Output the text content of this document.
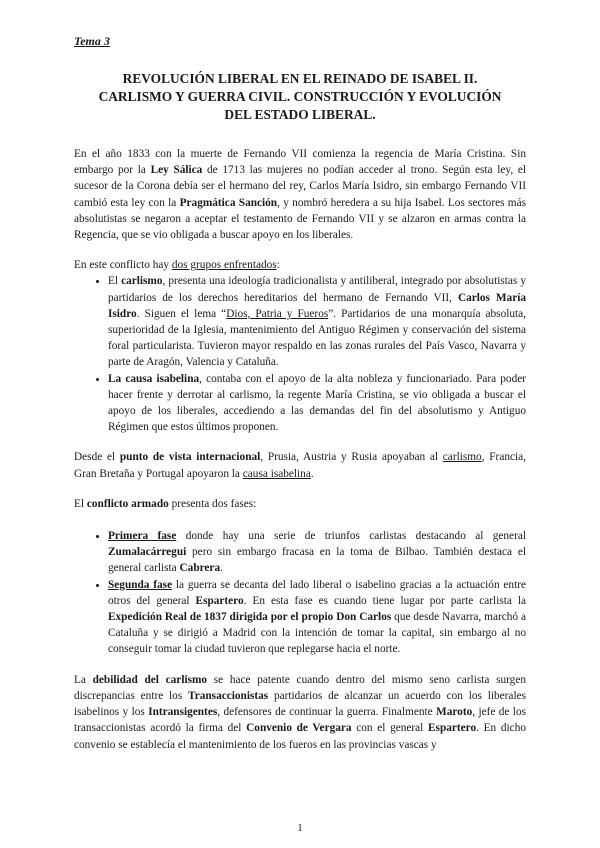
Tema 3
REVOLUCIÓN LIBERAL EN EL REINADO DE ISABEL II.
CARLISMO Y GUERRA CIVIL. CONSTRUCCIÓN Y EVOLUCIÓN
DEL ESTADO LIBERAL.

En el año 1833 con la muerte de Fernando VII comienza la regencia de María Cristina. Sin embargo por la Ley Sálica de 1713 las mujeres no podían acceder al trono. Según esta ley, el sucesor de la Corona debía ser el hermano del rey, Carlos María Isidro, sin embargo Fernando VII cambió esta ley con la Pragmática Sanción, y nombró heredera a su hija Isabel. Los sectores más absolutistas se negaron a aceptar el testamento de Fernando VII y se alzaron en armas contra la Regencia, que se vio obligada a buscar apoyo en los liberales.

En este conflicto hay dos grupos enfrentados:

• El carlismo, presenta una ideología tradicionalista y antiliberal, integrado por absolutistas y partidarios de los derechos hereditarios del hermano de Fernando VII, Carlos María Isidro. Siguen el lema “Dios, Patria y Fueros”. Partidarios de una monarquía absoluta, superioridad de la Iglesia, mantenimiento del Antiguo Régimen y conservación del sistema foral particularista. Tuvieron mayor respaldo en las zonas rurales del País Vasco, Navarra y parte de Aragón, Valencia y Cataluña.
• La causa isabelina, contaba con el apoyo de la alta nobleza y funcionariado. Para poder hacer frente y derrotar al carlismo, la regente María Cristina, se vio obligada a buscar el apoyo de los liberales, accediendo a las demandas del fin del absolutismo y Antiguo Régimen que estos últimos proponen.

Desde el punto de vista internacional, Prusia, Austria y Rusia apoyaban al carlismo, Francia, Gran Bretaña y Portugal apoyaron la causa isabelina.

El conflicto armado presenta dos fases:

• Primera fase donde hay una serie de triunfos carlistas destacando al general Zumalacárregui pero sin embargo fracasa en la toma de Bilbao. También destaca el general carlista Cabrera.
• Segunda fase la guerra se decanta del lado liberal o isabelino gracias a la actuación entre otros del general Espartero. En esta fase es cuando tiene lugar por parte carlista la Expedición Real de 1837 dirigida por el propio Don Carlos que desde Navarra, marchó a Cataluña y se dirigió a Madrid con la intención de tomar la capital, sin embargo al no conseguir tomar la ciudad tuvieron que replegarse hacia el norte.

La debilidad del carlismo se hace patente cuando dentro del mismo seno carlista surgen discrepancias entre los Transaccionistas partidarios de alcanzar un acuerdo con los liberales isabelinos y los Intransigentes, defensores de continuar la guerra. Finalmente Maroto, jefe de los transaccionistas acordó la firma del Convenio de Vergara con el general Espartero. En dicho convenio se establecía el mantenimiento de los fueros en las provincias vascas y

1
